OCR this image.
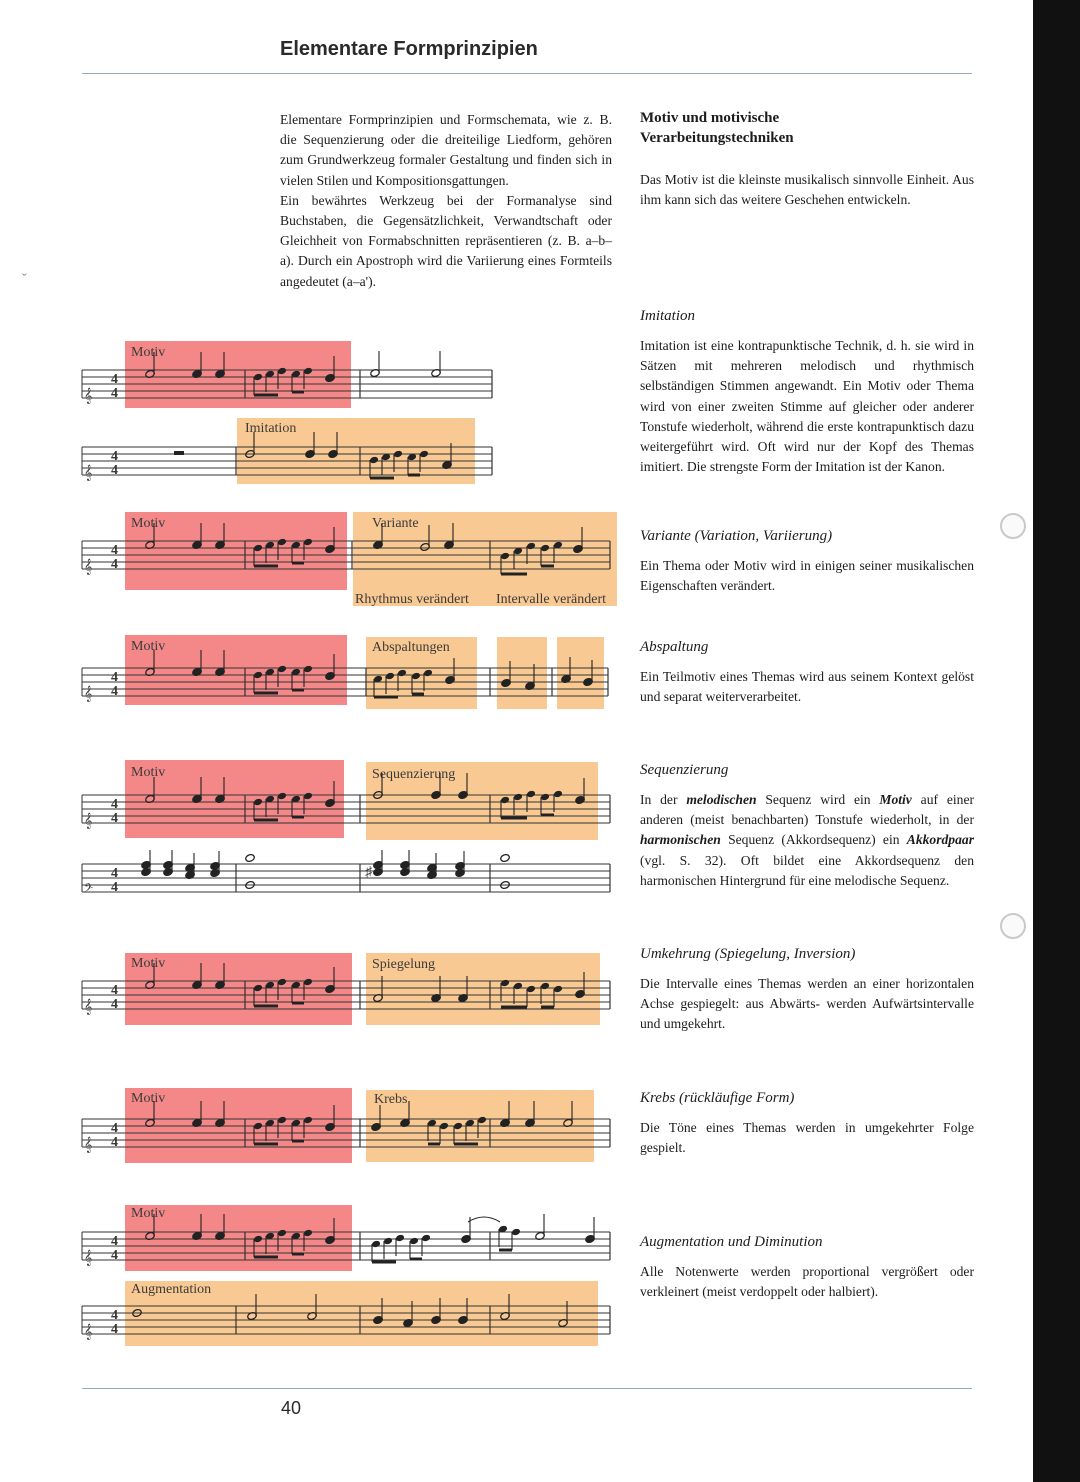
ˇ
Elementare Formprinzipien

Elementare Formprinzipien und Formschemata, wie z. B. die Sequenzierung oder die dreiteilige Liedform, gehören zum Grundwerkzeug formaler Gestaltung und finden sich in vielen Stilen und Kompositionsgattungen.

Ein bewährtes Werkzeug bei der Formanalyse sind Buchstaben, die Gegensätzlichkeit, Verwandtschaft oder Gleichheit von Formabschnitten repräsentieren (z. B. a–b–a). Durch ein Apostroph wird die Variierung eines Formteils angedeutet (a–a').

Motiv und motivische Verarbeitungstechniken

Das Motiv ist die kleinste musikalisch sinnvolle Einheit. Aus ihm kann sich das weitere Geschehen entwickeln.

Imitation

Imitation ist eine kontrapunktische Technik, d. h. sie wird in Sätzen mit mehreren melodisch und rhythmisch selbständigen Stimmen angewandt. Ein Motiv oder Thema wird von einer zweiten Stimme auf gleicher oder anderer Tonstufe wiederholt, während die erste kontrapunktisch dazu weitergeführt wird. Oft wird nur der Kopf des Themas imitiert. Die strengste Form der Imitation ist der Kanon.

Variante (Variation, Variierung)

Ein Thema oder Motiv wird in einigen seiner musikalischen Eigenschaften verändert.

Abspaltung

Ein Teilmotiv eines Themas wird aus seinem Kontext gelöst und separat weiterverarbeitet.

Sequenzierung

In der melodischen Sequenz wird ein Motiv auf einer anderen (meist benachbarten) Tonstufe wiederholt, in der harmonischen Sequenz (Akkordsequenz) ein Akkordpaar (vgl. S. 32). Oft bildet eine Akkordsequenz den harmonischen Hintergrund für eine melodische Sequenz.

Umkehrung (Spiegelung, Inversion)

Die Intervalle eines Themas werden an einer horizontalen Achse gespiegelt: aus Abwärts- werden Aufwärtsintervalle und umgekehrt.

Krebs (rückläufige Form)

Die Töne eines Themas werden in umgekehrter Folge gespielt.

Augmentation und Diminution

Alle Notenwerte werden proportional vergrößert oder verkleinert (meist verdoppelt oder halbiert).

Motiv
Imitation
𝄞
4
4
𝄞
4
4
Motiv	Variante
𝄞
4
4
Rhythmus verändert Intervalle verändert
Motiv	Abspaltungen
𝄞
4
4
Motiv	Sequenzierung
𝄞
4
4
𝄢
4
4
♯
Motiv	Spiegelung
𝄞
4
4
Motiv	Krebs
𝄞
4
4
Motiv
Augmentation
𝄞
4
4
𝄞
4
4
40
